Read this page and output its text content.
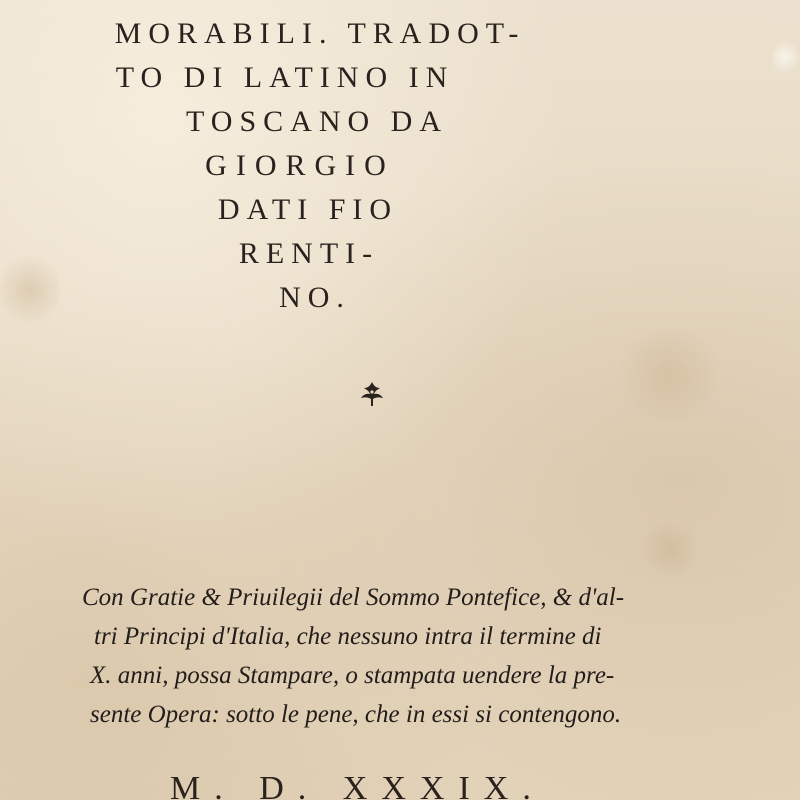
MORABILI. TRADOT-
TO DI LATINO IN
TOSCANO DA
GIORGIO
DATI FIO
RENTI-
NO.
Con Gratie & Priuilegii del Sommo Pontefice, & d'al-
tri Principi d'Italia, che nessuno intra il termine di
X. anni, possa Stampare, o stampata uendere la pre-
sente Opera: sotto le pene, che in essi si contengono.
M. D. XXXIX.
